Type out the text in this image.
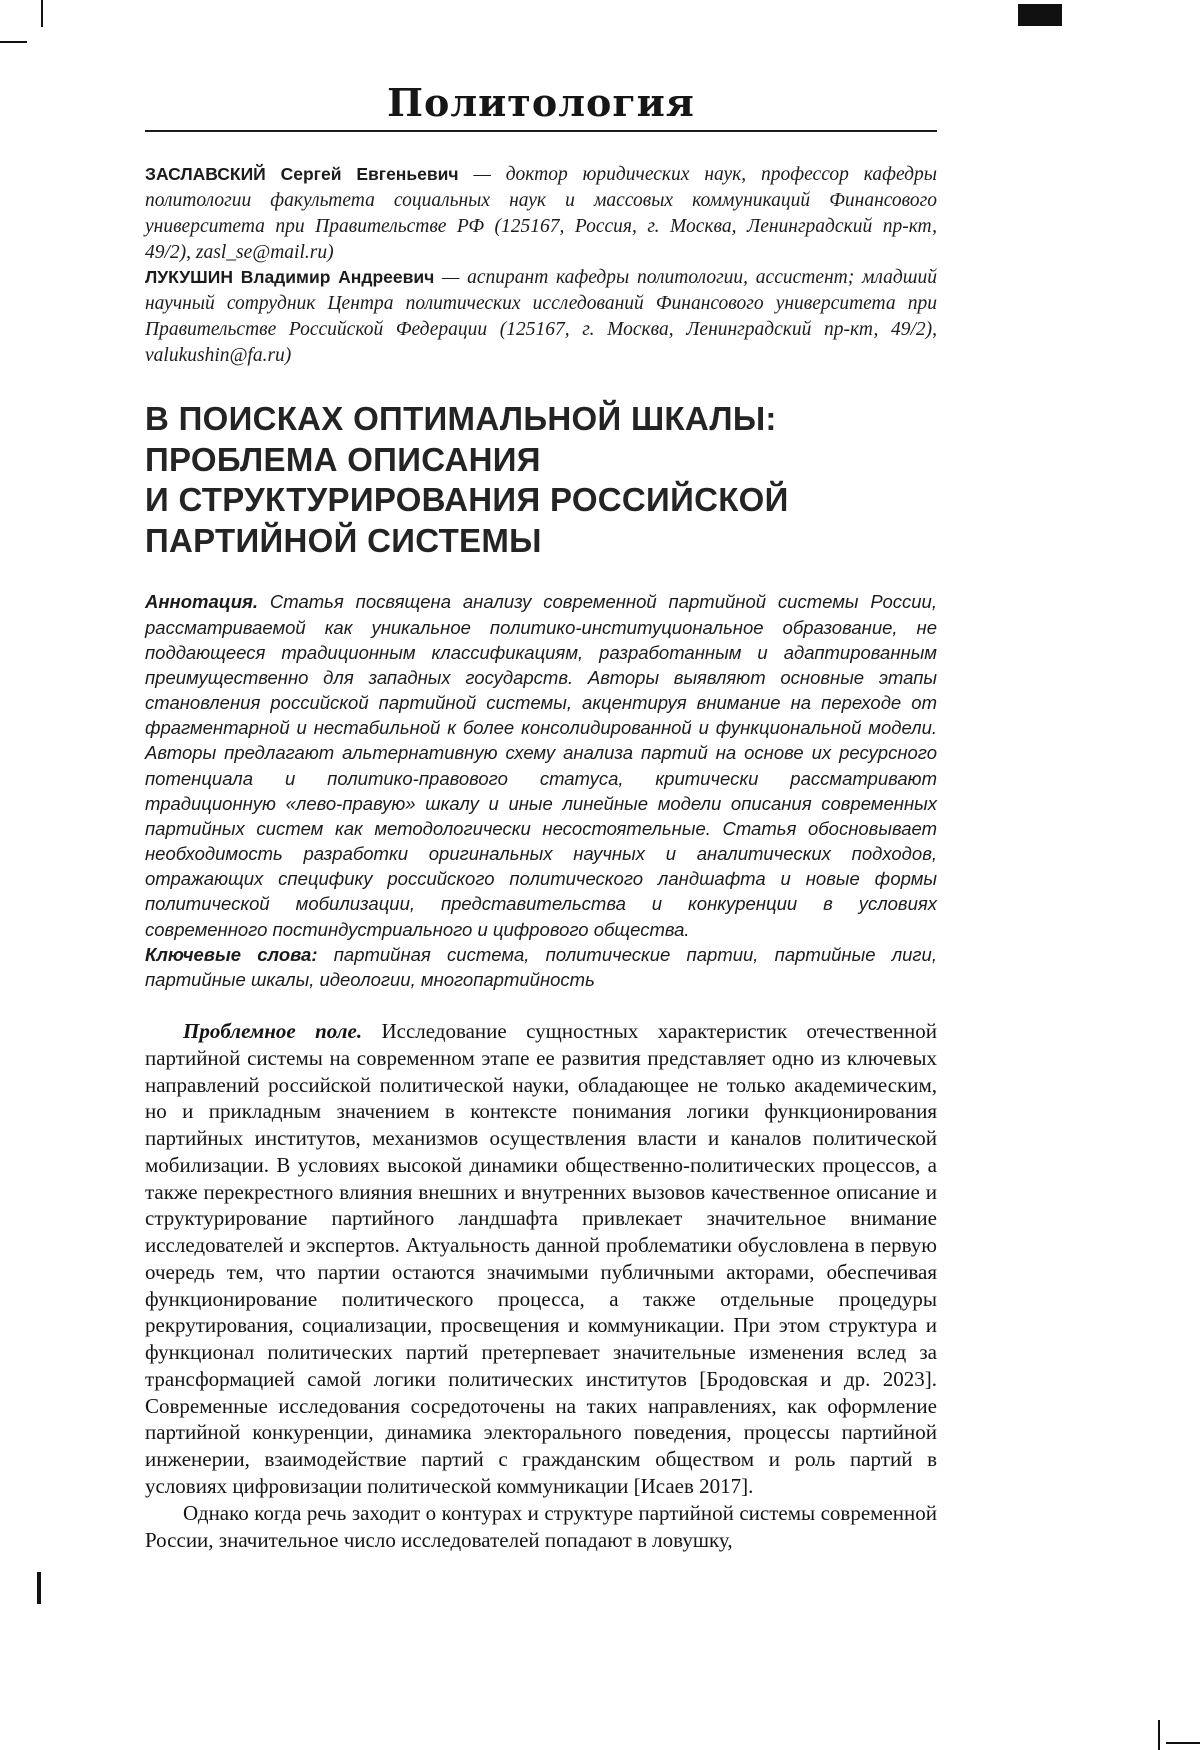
Политология

ЗАСЛАВСКИЙ Сергей Евгеньевич — доктор юридических наук, профессор кафедры политологии факультета социальных наук и массовых коммуникаций Финансового университета при Правительстве РФ (125167, Россия, г. Москва, Ленинградский пр-кт, 49/2), zasl_se@mail.ru)

ЛУКУШИН Владимир Андреевич — аспирант кафедры политологии, ассистент; младший научный сотрудник Центра политических исследований Финансового университета при Правительстве Российской Федерации (125167, г. Москва, Ленинградский пр-кт, 49/2), valukushin@fa.ru)

В ПОИСКАХ ОПТИМАЛЬНОЙ ШКАЛЫ:
ПРОБЛЕМА ОПИСАНИЯ
И СТРУКТУРИРОВАНИЯ РОССИЙСКОЙ
ПАРТИЙНОЙ СИСТЕМЫ

Аннотация. Статья посвящена анализу современной партийной системы России, рассматриваемой как уникальное политико-институциональное образование, не поддающееся традиционным классификациям, разработанным и адаптированным преимущественно для западных государств. Авторы выявляют основные этапы становления российской партийной системы, акцентируя внимание на переходе от фрагментарной и нестабильной к более консолидированной и функциональной модели. Авторы предлагают альтернативную схему анализа партий на основе их ресурсного потенциала и политико-правового статуса, критически рассматривают традиционную «лево-правую» шкалу и иные линейные модели описания современных партийных систем как методологически несостоятельные. Статья обосновывает необходимость разработки оригинальных научных и аналитических подходов, отражающих специфику российского политического ландшафта и новые формы политической мобилизации, представительства и конкуренции в условиях современного постиндустриального и цифрового общества.

Ключевые слова: партийная система, политические партии, партийные лиги, партийные шкалы, идеологии, многопартийность

Проблемное поле. Исследование сущностных характеристик отечественной партийной системы на современном этапе ее развития представляет одно из ключевых направлений российской политической науки, обладающее не только академическим, но и прикладным значением в контексте понимания логики функционирования партийных институтов, механизмов осуществления власти и каналов политической мобилизации. В условиях высокой динамики общественно-политических процессов, а также перекрестного влияния внешних и внутренних вызовов качественное описание и структурирование партийного ландшафта привлекает значительное внимание исследователей и экспертов. Актуальность данной проблематики обусловлена в первую очередь тем, что партии остаются значимыми публичными акторами, обеспечивая функционирование политического процесса, а также отдельные процедуры рекрутирования, социализации, просвещения и коммуникации. При этом структура и функционал политических партий претерпевает значительные изменения вслед за трансформацией самой логики политических институтов [Бродовская и др. 2023]. Современные исследования сосредоточены на таких направлениях, как оформление партийной конкуренции, динамика электорального поведения, процессы партийной инженерии, взаимодействие партий с гражданским обществом и роль партий в условиях цифровизации политической коммуникации [Исаев 2017].

Однако когда речь заходит о контурах и структуре партийной системы современной России, значительное число исследователей попадают в ловушку,
